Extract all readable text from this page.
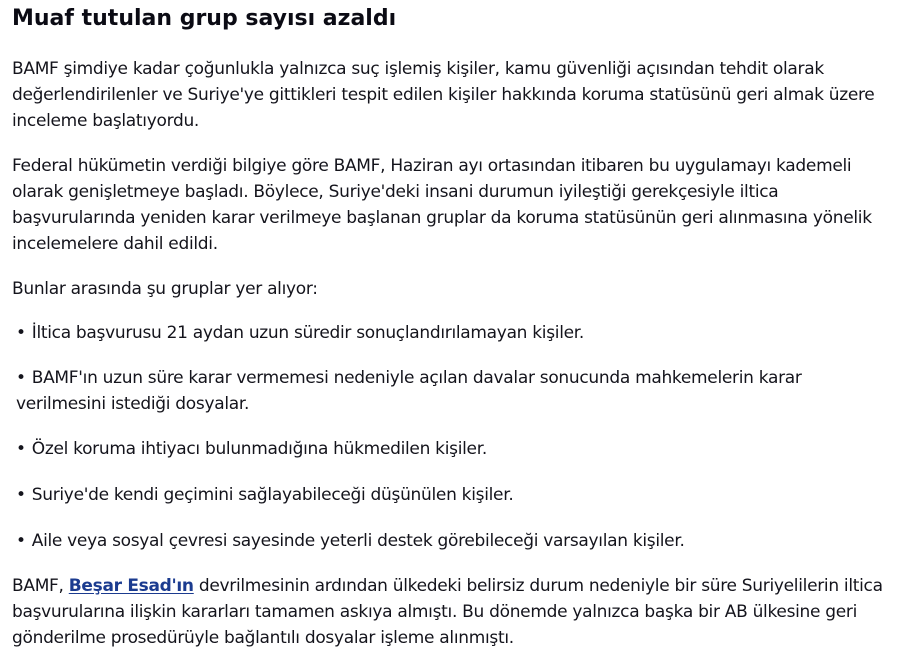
Muaf tutulan grup sayısı azaldı

BAMF şimdiye kadar çoğunlukla yalnızca suç işlemiş kişiler, kamu güvenliği açısından tehdit olarak değerlendirilenler ve Suriye'ye gittikleri tespit edilen kişiler hakkında koruma statüsünü geri almak üzere inceleme başlatıyordu.

Federal hükümetin verdiği bilgiye göre BAMF, Haziran ayı ortasından itibaren bu uygulamayı kademeli olarak genişletmeye başladı. Böylece, Suriye'deki insani durumun iyileştiği gerekçesiyle iltica başvurularında yeniden karar verilmeye başlanan gruplar da koruma statüsünün geri alınmasına yönelik incelemelere dahil edildi.

Bunlar arasında şu gruplar yer alıyor:

• İltica başvurusu 21 aydan uzun süredir sonuçlandırılamayan kişiler.

• BAMF'ın uzun süre karar vermemesi nedeniyle açılan davalar sonucunda mahkemelerin karar verilmesini istediği dosyalar.

• Özel koruma ihtiyacı bulunmadığına hükmedilen kişiler.

• Suriye'de kendi geçimini sağlayabileceği düşünülen kişiler.

• Aile veya sosyal çevresi sayesinde yeterli destek görebileceği varsayılan kişiler.

BAMF, Beşar Esad'ın devrilmesinin ardından ülkedeki belirsiz durum nedeniyle bir süre Suriyelilerin iltica başvurularına ilişkin kararları tamamen askıya almıştı. Bu dönemde yalnızca başka bir AB ülkesine geri gönderilme prosedürüyle bağlantılı dosyalar işleme alınmıştı.
